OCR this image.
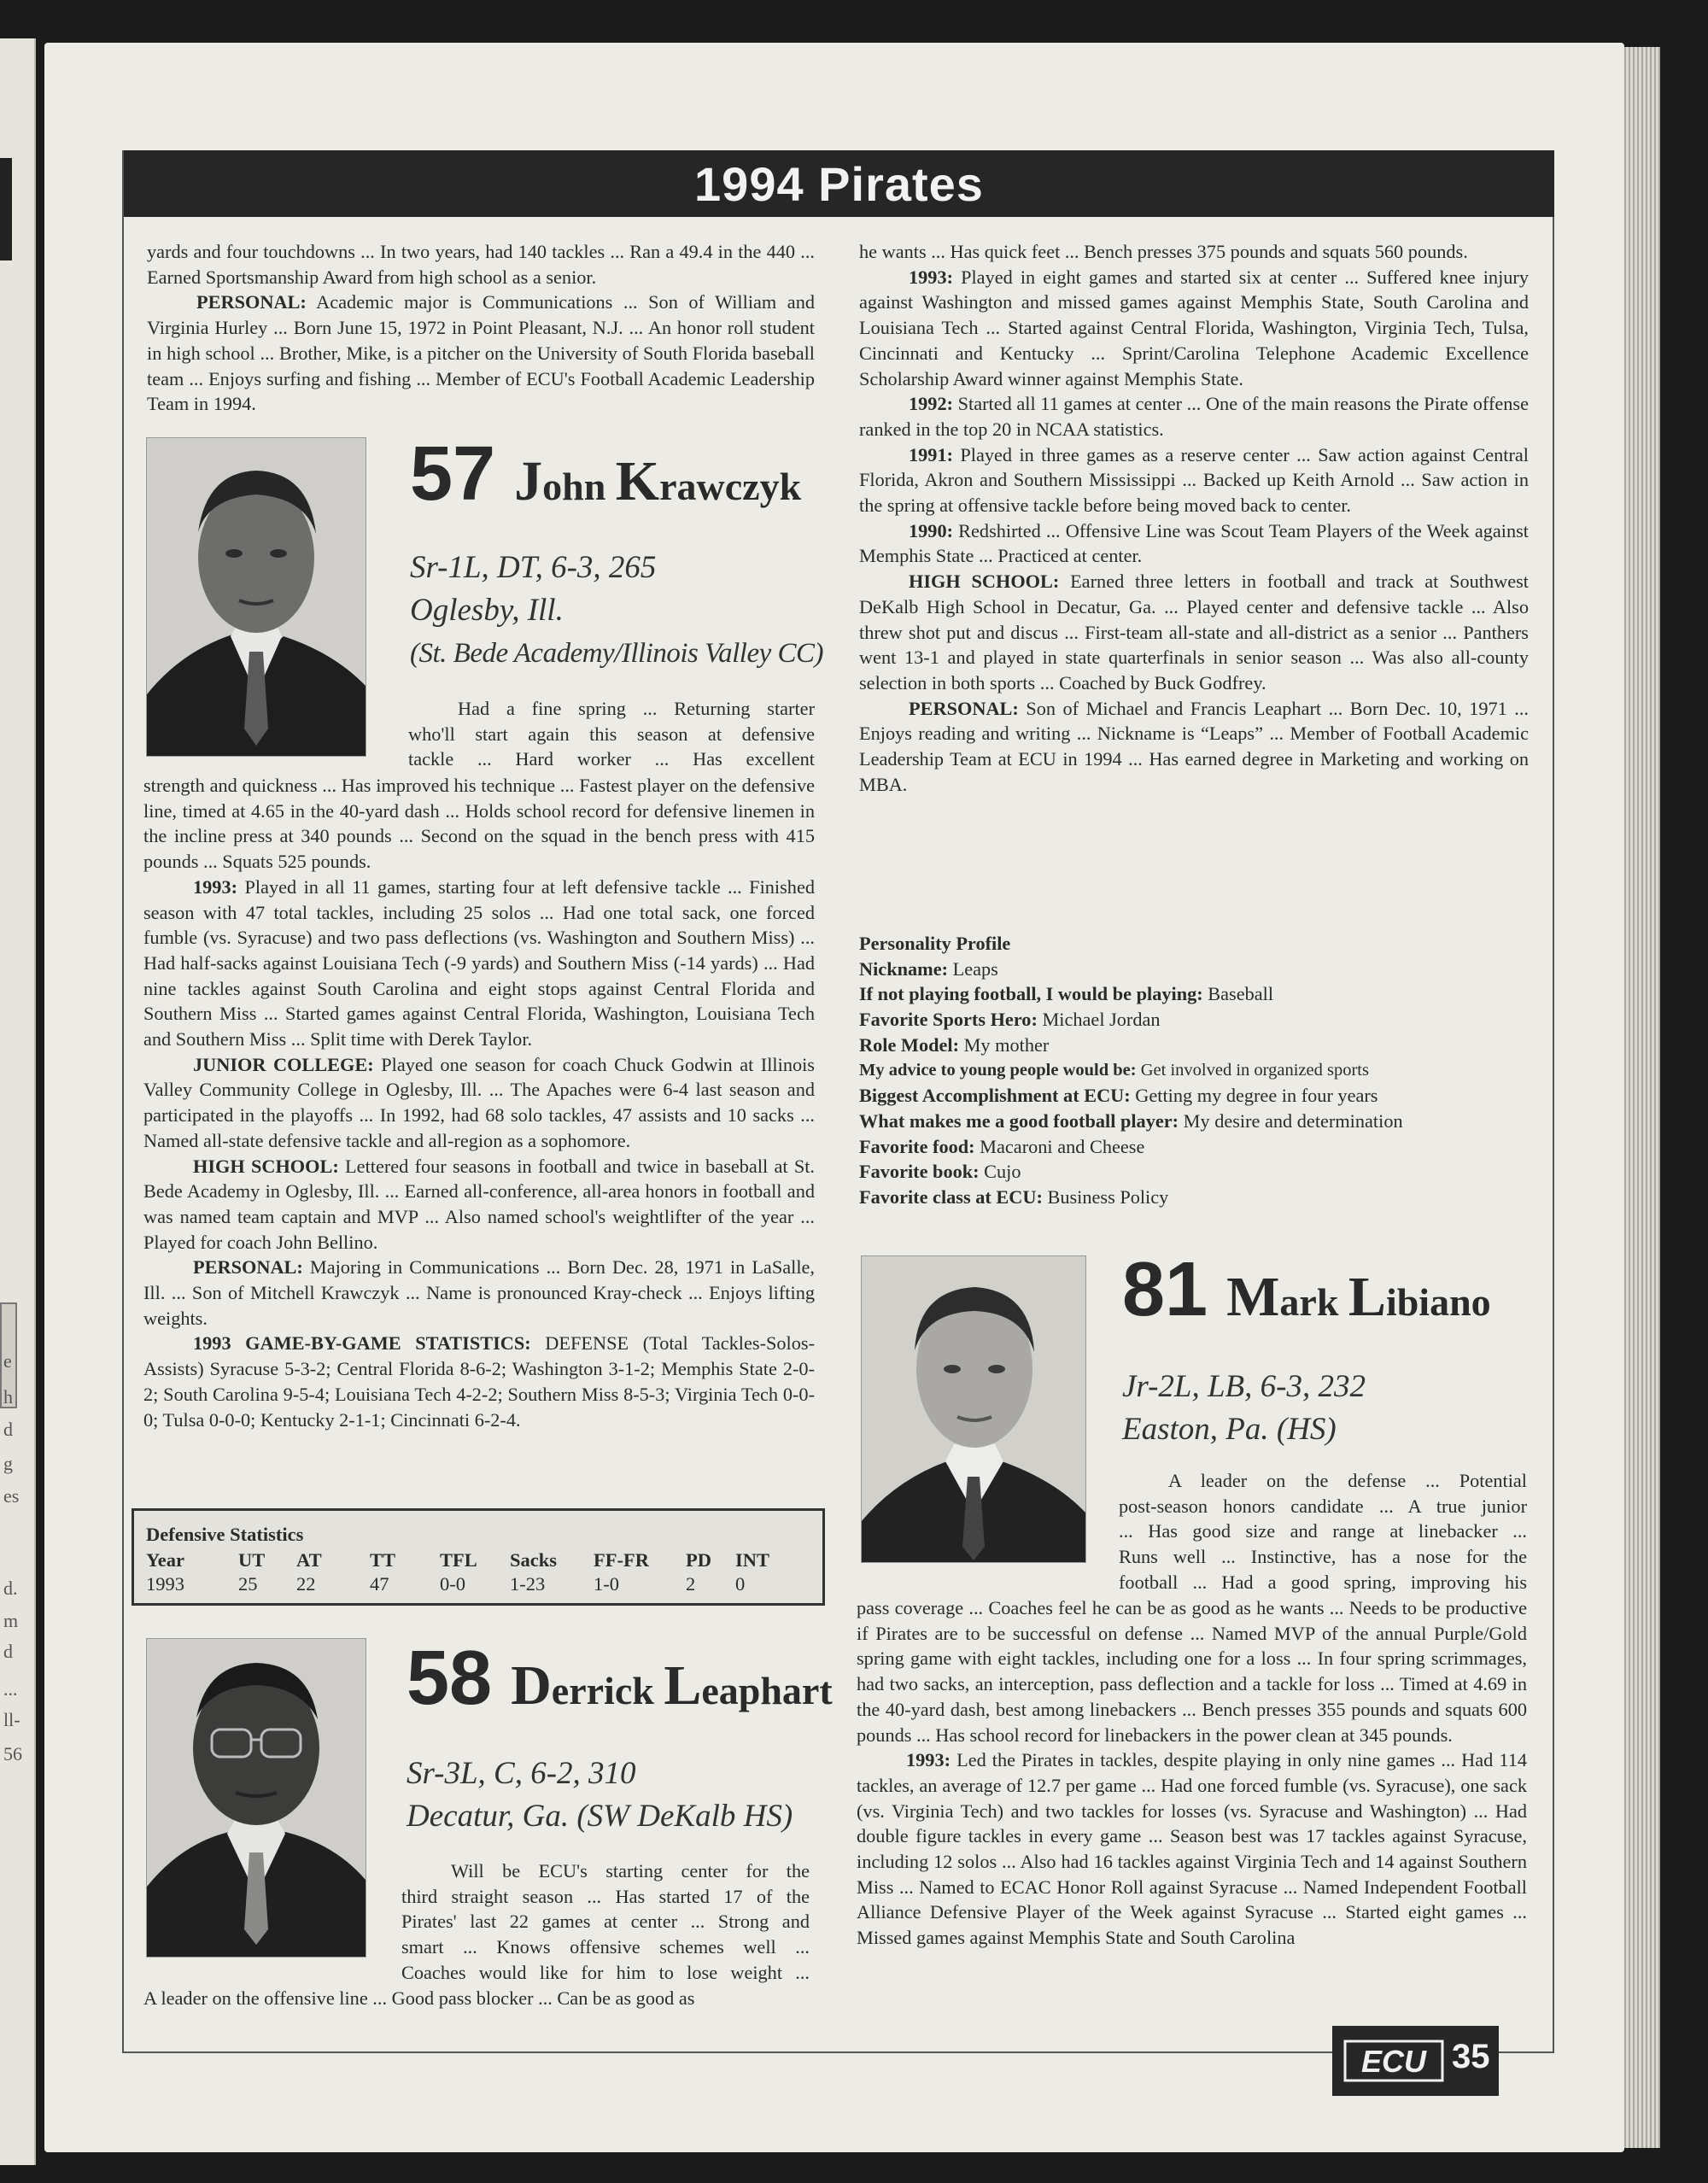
e
h
d
g
es
d.
m
d
...
ll-
56
1994 Pirates

yards and four touchdowns ... In two years, had 140 tackles ... Ran a 49.4 in the 440 ... Earned Sportsmanship Award from high school as a senior.

PERSONAL: Academic major is Communications ... Son of William and Virginia Hurley ... Born June 15, 1972 in Point Pleasant, N.J. ... An honor roll student in high school ... Brother, Mike, is a pitcher on the University of South Florida baseball team ... Enjoys surfing and fishing ... Member of ECU's Football Academic Leadership Team in 1994.

57 John Krawczyk
Sr-1L, DT, 6-3, 265
Oglesby, Ill.
(St. Bede Academy/Illinois Valley CC)
Had a fine spring ... Returning starter
who'll start again this season at defensive
tackle ... Hard worker ... Has excellent

strength and quickness ... Has improved his technique ... Fastest player on the defensive line, timed at 4.65 in the 40-yard dash ... Holds school record for defensive linemen in the incline press at 340 pounds ... Second on the squad in the bench press with 415 pounds ... Squats 525 pounds.

1993: Played in all 11 games, starting four at left defensive tackle ... Finished season with 47 total tackles, including 25 solos ... Had one total sack, one forced fumble (vs. Syracuse) and two pass deflections (vs. Washington and Southern Miss) ... Had half-sacks against Louisiana Tech (-9 yards) and Southern Miss (-14 yards) ... Had nine tackles against South Carolina and eight stops against Central Florida and Southern Miss ... Started games against Central Florida, Washington, Louisiana Tech and Southern Miss ... Split time with Derek Taylor.

JUNIOR COLLEGE: Played one season for coach Chuck Godwin at Illinois Valley Community College in Oglesby, Ill. ... The Apaches were 6-4 last season and participated in the playoffs ... In 1992, had 68 solo tackles, 47 assists and 10 sacks ... Named all-state defensive tackle and all-region as a sophomore.

HIGH SCHOOL: Lettered four seasons in football and twice in baseball at St. Bede Academy in Oglesby, Ill. ... Earned all-conference, all-area honors in football and was named team captain and MVP ... Also named school's weightlifter of the year ... Played for coach John Bellino.

PERSONAL: Majoring in Communications ... Born Dec. 28, 1971 in LaSalle, Ill. ... Son of Mitchell Krawczyk ... Name is pronounced Kray-check ... Enjoys lifting weights.

1993 GAME-BY-GAME STATISTICS: DEFENSE (Total Tackles-Solos-Assists) Syracuse 5-3-2; Central Florida 8-6-2; Washington 3-1-2; Memphis State 2-0-2; South Carolina 9-5-4; Louisiana Tech 4-2-2; Southern Miss 8-5-3; Virginia Tech 0-0-0; Tulsa 0-0-0; Kentucky 2-1-1; Cincinnati 6-2-4.

Defensive Statistics
Year	UT AT	TT TFL Sacks FF-FR PD INT
1993	25 22	47	0-0 1-23	1-0	2 0
58 Derrick Leaphart
Sr-3L, C, 6-2, 310
Decatur, Ga. (SW DeKalb HS)
Will be ECU's starting center for the
third straight season ... Has started 17 of the
Pirates' last 22 games at center ... Strong and
smart ... Knows offensive schemes well ...
Coaches would like for him to lose weight ...
A leader on the offensive line ... Good pass blocker ... Can be as good as

he wants ... Has quick feet ... Bench presses 375 pounds and squats 560 pounds.

1993: Played in eight games and started six at center ... Suffered knee injury against Washington and missed games against Memphis State, South Carolina and Louisiana Tech ... Started against Central Florida, Washington, Virginia Tech, Tulsa, Cincinnati and Kentucky ... Sprint/Carolina Telephone Academic Excellence Scholarship Award winner against Memphis State.

1992: Started all 11 games at center ... One of the main reasons the Pirate offense ranked in the top 20 in NCAA statistics.

1991: Played in three games as a reserve center ... Saw action against Central Florida, Akron and Southern Mississippi ... Backed up Keith Arnold ... Saw action in the spring at offensive tackle before being moved back to center.

1990: Redshirted ... Offensive Line was Scout Team Players of the Week against Memphis State ... Practiced at center.

HIGH SCHOOL: Earned three letters in football and track at Southwest DeKalb High School in Decatur, Ga. ... Played center and defensive tackle ... Also threw shot put and discus ... First-team all-state and all-district as a senior ... Panthers went 13-1 and played in state quarterfinals in senior season ... Was also all-county selection in both sports ... Coached by Buck Godfrey.

PERSONAL: Son of Michael and Francis Leaphart ... Born Dec. 10, 1971 ... Enjoys reading and writing ... Nickname is “Leaps” ... Member of Football Academic Leadership Team at ECU in 1994 ... Has earned degree in Marketing and working on MBA.

Personality Profile
Nickname: Leaps
If not playing football, I would be playing: Baseball
Favorite Sports Hero: Michael Jordan
Role Model: My mother
My advice to young people would be: Get involved in organized sports
Biggest Accomplishment at ECU: Getting my degree in four years
What makes me a good football player: My desire and determination
Favorite food: Macaroni and Cheese
Favorite book: Cujo
Favorite class at ECU: Business Policy
81 Mark Libiano
Jr-2L, LB, 6-3, 232
Easton, Pa. (HS)
A leader on the defense ... Potential
post-season honors candidate ... A true junior
... Has good size and range at linebacker ...
Runs well ... Instinctive, has a nose for the
football ... Had a good spring, improving his

pass coverage ... Coaches feel he can be as good as he wants ... Needs to be productive if Pirates are to be successful on defense ... Named MVP of the annual Purple/Gold spring game with eight tackles, including one for a loss ... In four spring scrimmages, had two sacks, an interception, pass deflection and a tackle for loss ... Timed at 4.69 in the 40-yard dash, best among linebackers ... Bench presses 355 pounds and squats 600 pounds ... Has school record for linebackers in the power clean at 345 pounds.

1993: Led the Pirates in tackles, despite playing in only nine games ... Had 114 tackles, an average of 12.7 per game ... Had one forced fumble (vs. Syracuse), one sack (vs. Virginia Tech) and two tackles for losses (vs. Syracuse and Washington) ... Had double figure tackles in every game ... Season best was 17 tackles against Syracuse, including 12 solos ... Also had 16 tackles against Virginia Tech and 14 against Southern Miss ... Named to ECAC Honor Roll against Syracuse ... Named Independent Football Alliance Defensive Player of the Week against Syracuse ... Started eight games ... Missed games against Memphis State and South Carolina

ECU 35
